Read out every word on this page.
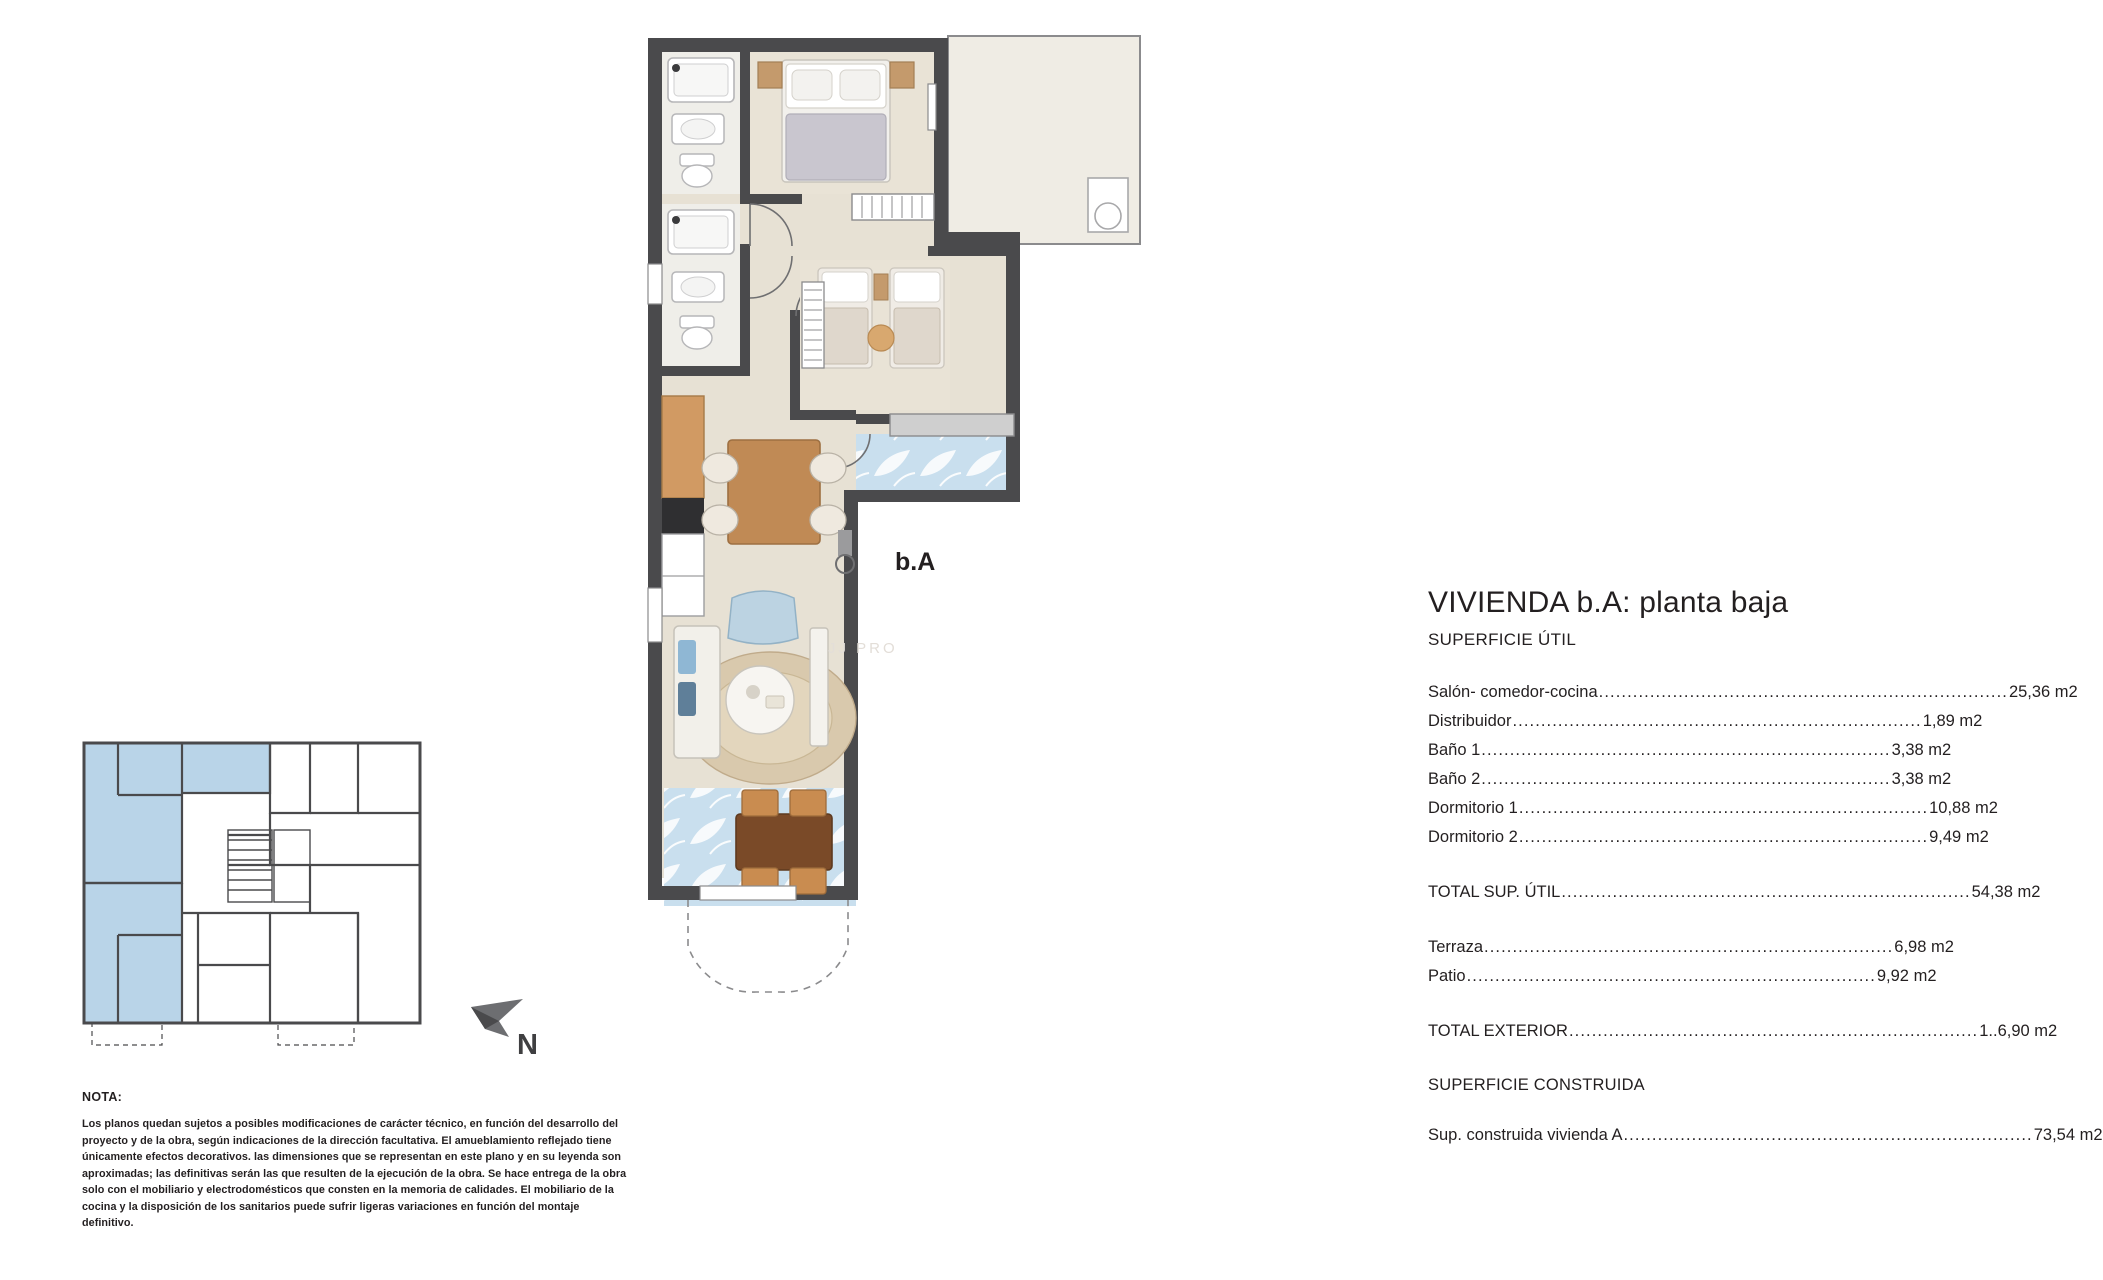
N
NOTA:
Los planos quedan sujetos a posibles modificaciones de carácter técnico, en función del desarrollo del proyecto y de la obra, según indicaciones de la dirección facultativa. El amueblamiento reflejado tiene únicamente efectos decorativos. las dimensiones que se representan en este plano y en su leyenda son aproximadas; las definitivas serán las que resulten de la ejecución de la obra. Se hace entrega de la obra solo con el mobiliario y electrodomésticos que consten en la memoria de calidades. El mobiliario de la cocina y la disposición de los sanitarios puede sufrir ligeras variaciones en función del montaje definitivo.
JJ PRO
b.A
VIVIENDA b.A: planta baja
SUPERFICIE ÚTIL
Salón- comedor-cocina ........................................................................ 25,36 m2
Distribuidor ........................................................................ 1,89 m2
Baño 1 ........................................................................ 3,38 m2
Baño 2 ........................................................................ 3,38 m2
Dormitorio 1 ........................................................................ 10,88 m2
Dormitorio 2 ........................................................................ 9,49 m2
TOTAL SUP. ÚTIL ........................................................................ 54,38 m2
Terraza ........................................................................ 6,98 m2
Patio ........................................................................ 9,92 m2
TOTAL EXTERIOR ........................................................................ 1..6,90 m2
SUPERFICIE CONSTRUIDA
Sup. construida vivienda A ........................................................................ 73,54 m2
